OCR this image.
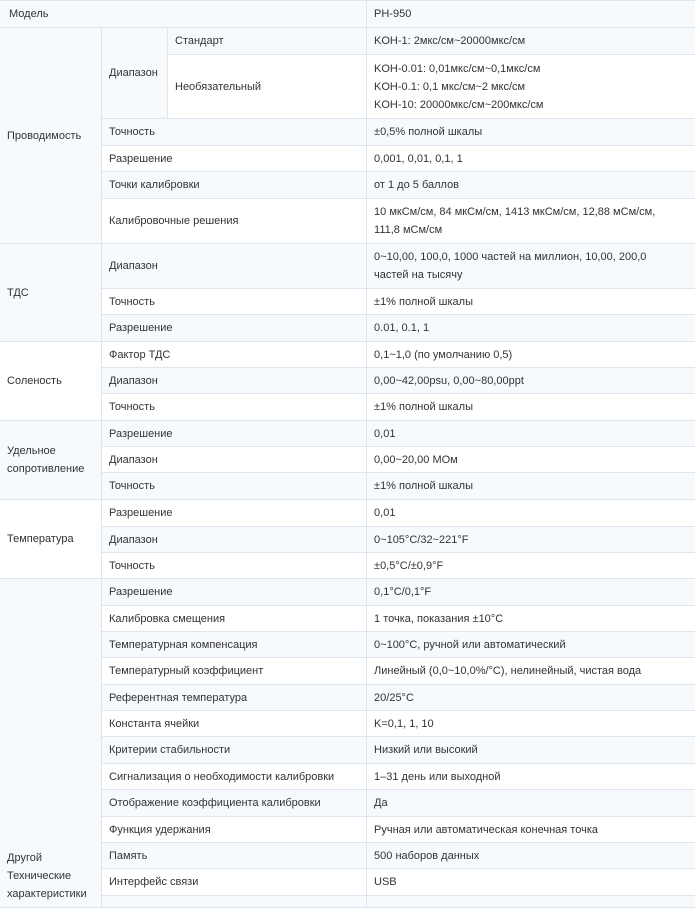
Модель			PH-950
Проводимость	Диапазон	Стандарт	KOH-1: 2мкс/см~20000мкс/см
		Необязательный	KOH-0.01: 0,01мкс/см~0,1мкс/см
KOH-0.1: 0,1 мкс/см~2 мкс/см
KOH-10: 20000мкс/см~200мкс/см

	Точность		±0,5% полной шкалы
	Разрешение		0,001, 0,01, 0,1, 1
	Точки калибровки		от 1 до 5 баллов
	Калибровочные решения		10 мкСм/см, 84 мкСм/см, 1413 мкСм/см, 12,88 мСм/см,
111,8 мСм/см

ТДС	Диапазон		0~10,00, 100,0, 1000 частей на миллион, 10,00, 200,0
частей на тысячу

	Точность		±1% полной шкалы
	Разрешение		0.01, 0.1, 1
Соленость	Фактор ТДС		0,1~1,0 (по умолчанию 0,5)
	Диапазон		0,00~42,00psu, 0,00~80,00ppt
	Точность		±1% полной шкалы

Удельное
сопротивление	Разрешение		0,01
	Диапазон		0,00~20,00 МОм
	Точность		±1% полной шкалы
Температура	Разрешение		0,01
	Диапазон		0~105°C/32~221°F
	Точность		±0,5°C/±0,9°F

Другой
Технические
характеристики	Разрешение		0,1°C/0,1°F
	Калибровка смещения		1 точка, показания ±10°C
	Температурная компенсация		0~100°C, ручной или автоматический
	Температурный коэффициент		Линейный (0,0~10,0%/°C), нелинейный, чистая вода
	Референтная температура		20/25°C
	Константа ячейки		K=0,1, 1, 10
	Критерии стабильности		Низкий или высокий
	Сигнализация о необходимости калибровки		1–31 день или выходной
	Отображение коэффициента калибровки		Да
	Функция удержания		Ручная или автоматическая конечная точка
	Память		500 наборов данных
	Интерфейс связи		USB
